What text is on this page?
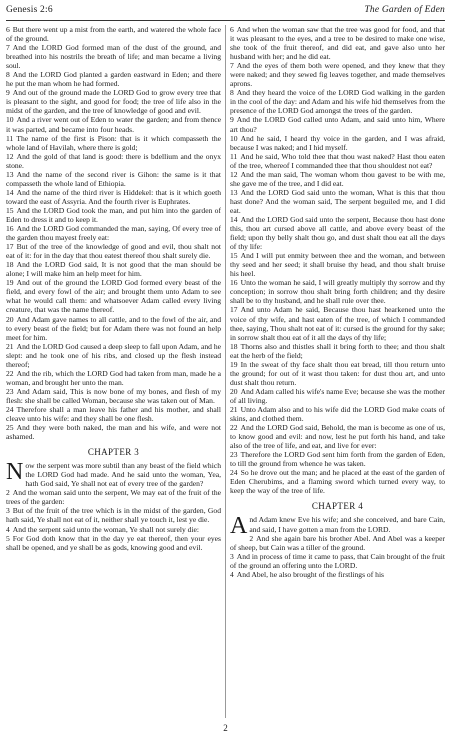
Genesis 2:6	The Garden of Eden

6 But there went up a mist from the earth, and watered the whole face of the ground.

7 And the LORD God formed man of the dust of the ground, and breathed into his nostrils the breath of life; and man became a living soul.

8 And the LORD God planted a garden eastward in Eden; and there he put the man whom he had formed.

9 And out of the ground made the LORD God to grow every tree that is pleasant to the sight, and good for food; the tree of life also in the midst of the garden, and the tree of knowledge of good and evil.

10 And a river went out of Eden to water the garden; and from thence it was parted, and became into four heads.

11 The name of the first is Pison: that is it which compasseth the whole land of Havilah, where there is gold;

12 And the gold of that land is good: there is bdellium and the onyx stone.

13 And the name of the second river is Gihon: the same is it that compasseth the whole land of Ethiopia.

14 And the name of the third river is Hiddekel: that is it which goeth toward the east of Assyria. And the fourth river is Euphrates.

15 And the LORD God took the man, and put him into the garden of Eden to dress it and to keep it.

16 And the LORD God commanded the man, saying, Of every tree of the garden thou mayest freely eat:

17 But of the tree of the knowledge of good and evil, thou shalt not eat of it: for in the day that thou eatest thereof thou shalt surely die.

18 And the LORD God said, It is not good that the man should be alone; I will make him an help meet for him.

19 And out of the ground the LORD God formed every beast of the field, and every fowl of the air; and brought them unto Adam to see what he would call them: and whatsoever Adam called every living creature, that was the name thereof.

20 And Adam gave names to all cattle, and to the fowl of the air, and to every beast of the field; but for Adam there was not found an help meet for him.

21 And the LORD God caused a deep sleep to fall upon Adam, and he slept: and he took one of his ribs, and closed up the flesh instead thereof;

22 And the rib, which the LORD God had taken from man, made he a woman, and brought her unto the man.

23 And Adam said, This is now bone of my bones, and flesh of my flesh: she shall be called Woman, because she was taken out of Man.

24 Therefore shall a man leave his father and his mother, and shall cleave unto his wife: and they shall be one flesh.

25 And they were both naked, the man and his wife, and were not ashamed.

CHAPTER 3

Now the serpent was more subtil than any beast of the field which the LORD God had made. And he said unto the woman, Yea, hath God said, Ye shall not eat of every tree of the garden?

2 And the woman said unto the serpent, We may eat of the fruit of the trees of the garden:

3 But of the fruit of the tree which is in the midst of the garden, God hath said, Ye shall not eat of it, neither shall ye touch it, lest ye die.

4 And the serpent said unto the woman, Ye shall not surely die:

5 For God doth know that in the day ye eat thereof, then your eyes shall be opened, and ye shall be as gods, knowing good and evil.

6 And when the woman saw that the tree was good for food, and that it was pleasant to the eyes, and a tree to be desired to make one wise, she took of the fruit thereof, and did eat, and gave also unto her husband with her; and he did eat.

7 And the eyes of them both were opened, and they knew that they were naked; and they sewed fig leaves together, and made themselves aprons.

8 And they heard the voice of the LORD God walking in the garden in the cool of the day: and Adam and his wife hid themselves from the presence of the LORD God amongst the trees of the garden.

9 And the LORD God called unto Adam, and said unto him, Where art thou?

10 And he said, I heard thy voice in the garden, and I was afraid, because I was naked; and I hid myself.

11 And he said, Who told thee that thou wast naked? Hast thou eaten of the tree, whereof I commanded thee that thou shouldest not eat?

12 And the man said, The woman whom thou gavest to be with me, she gave me of the tree, and I did eat.

13 And the LORD God said unto the woman, What is this that thou hast done? And the woman said, The serpent beguiled me, and I did eat.

14 And the LORD God said unto the serpent, Because thou hast done this, thou art cursed above all cattle, and above every beast of the field; upon thy belly shalt thou go, and dust shalt thou eat all the days of thy life:

15 And I will put enmity between thee and the woman, and between thy seed and her seed; it shall bruise thy head, and thou shalt bruise his heel.

16 Unto the woman he said, I will greatly multiply thy sorrow and thy conception; in sorrow thou shalt bring forth children; and thy desire shall be to thy husband, and he shall rule over thee.

17 And unto Adam he said, Because thou hast hearkened unto the voice of thy wife, and hast eaten of the tree, of which I commanded thee, saying, Thou shalt not eat of it: cursed is the ground for thy sake; in sorrow shalt thou eat of it all the days of thy life;

18 Thorns also and thistles shall it bring forth to thee; and thou shalt eat the herb of the field;

19 In the sweat of thy face shalt thou eat bread, till thou return unto the ground; for out of it wast thou taken: for dust thou art, and unto dust shalt thou return.

20 And Adam called his wife's name Eve; because she was the mother of all living.

21 Unto Adam also and to his wife did the LORD God make coats of skins, and clothed them.

22 And the LORD God said, Behold, the man is become as one of us, to know good and evil: and now, lest he put forth his hand, and take also of the tree of life, and eat, and live for ever:

23 Therefore the LORD God sent him forth from the garden of Eden, to till the ground from whence he was taken.

24 So he drove out the man; and he placed at the east of the garden of Eden Cherubims, and a flaming sword which turned every way, to keep the way of the tree of life.

CHAPTER 4

And Adam knew Eve his wife; and she conceived, and bare Cain, and said, I have gotten a man from the LORD.

2 And she again bare his brother Abel. And Abel was a keeper of sheep, but Cain was a tiller of the ground.

3 And in process of time it came to pass, that Cain brought of the fruit of the ground an offering unto the LORD.

4 And Abel, he also brought of the firstlings of his

2
